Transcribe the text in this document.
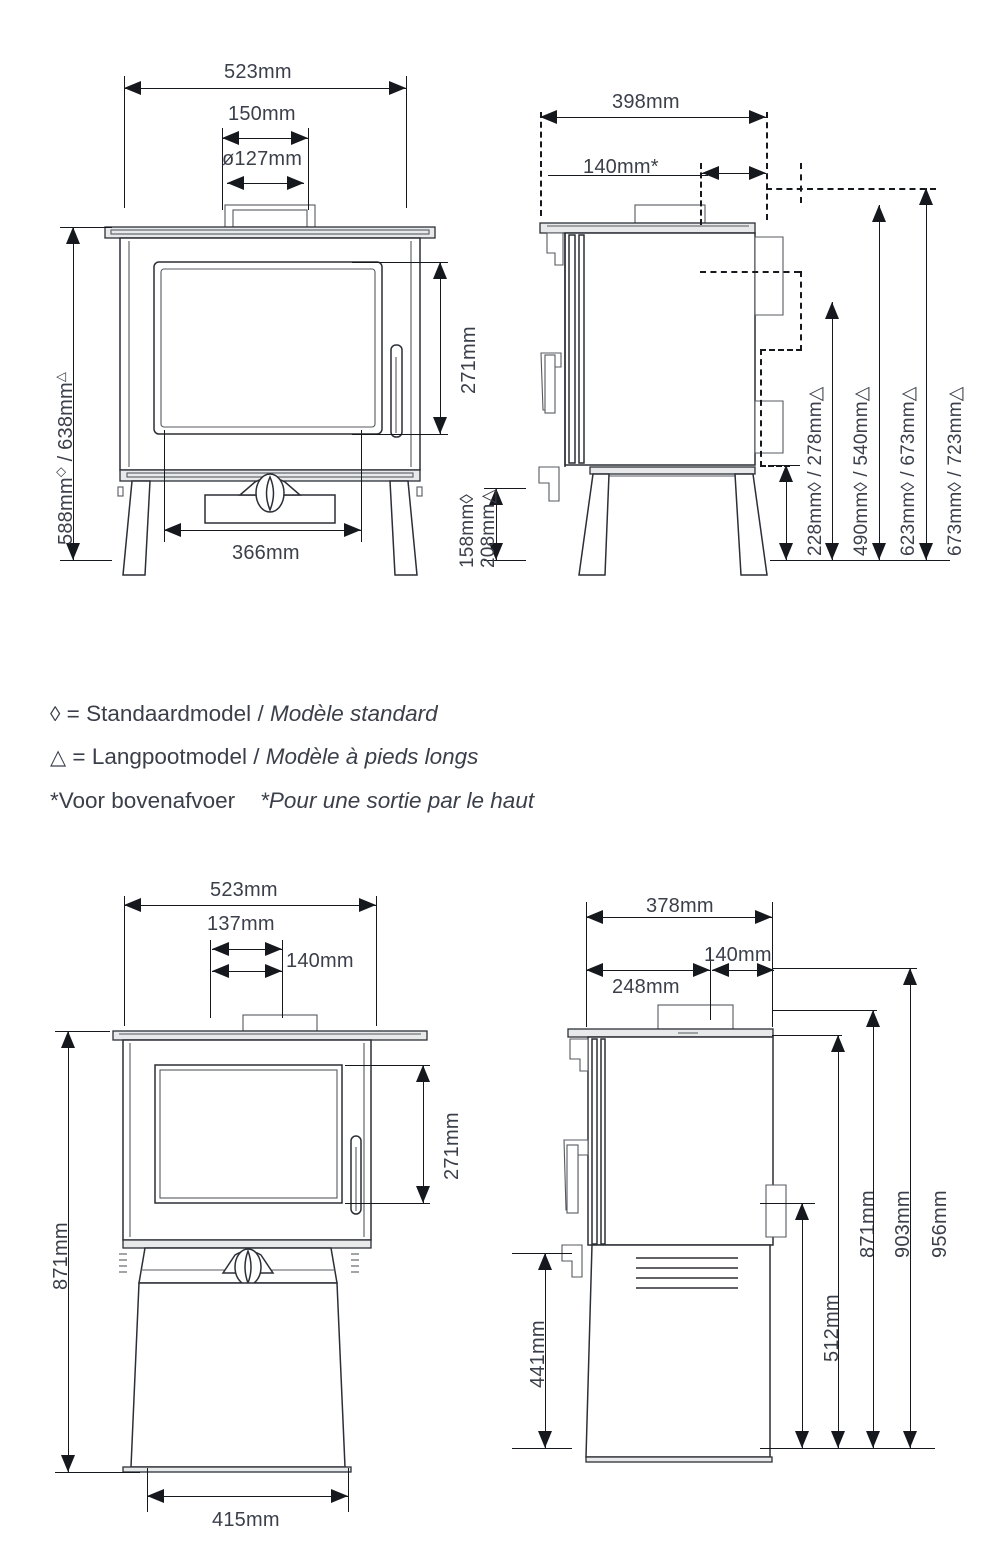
523mm
150mm
ø127mm
588mm◇ / 638mm△	271mm
366mm
398mm
140mm*
158mm◊ 208mm△	228mm◊ / 278mm△ 490mm◊ / 540mm△ 623mm◊ / 673mm△ 673mm◊ / 723mm△
◊ = Standaardmodel / Modèle standard
△ = Langpootmodel / Modèle à pieds longs
*Voor bovenafvoer *Pour une sortie par le haut
523mm
137mm
140mm
871mm
271mm
415mm
378mm
248mm
140mm
441mm	512mm
871mm 903mm 956mm
